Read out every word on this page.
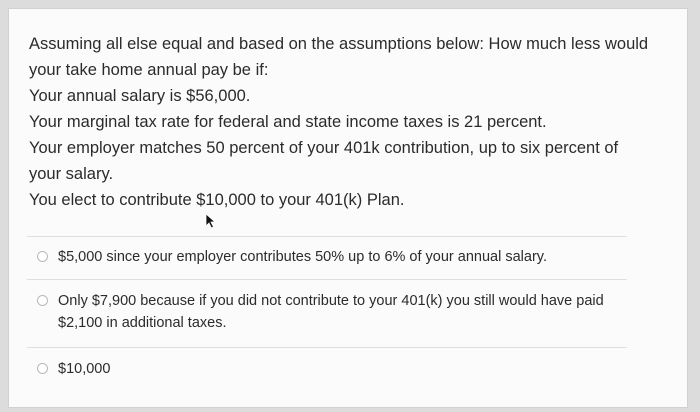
Assuming all else equal and based on the assumptions below: How much less would your take home annual pay be if:

Your annual salary is $56,000.

Your marginal tax rate for federal and state income taxes is 21 percent.

Your employer matches 50 percent of your 401k contribution, up to six percent of your salary.

You elect to contribute $10,000 to your 401(k) Plan.

$5,000 since your employer contributes 50% up to 6% of your annual salary.
Only $7,900 because if you did not contribute to your 401(k) you still would have paid $2,100 in additional taxes.
$10,000
